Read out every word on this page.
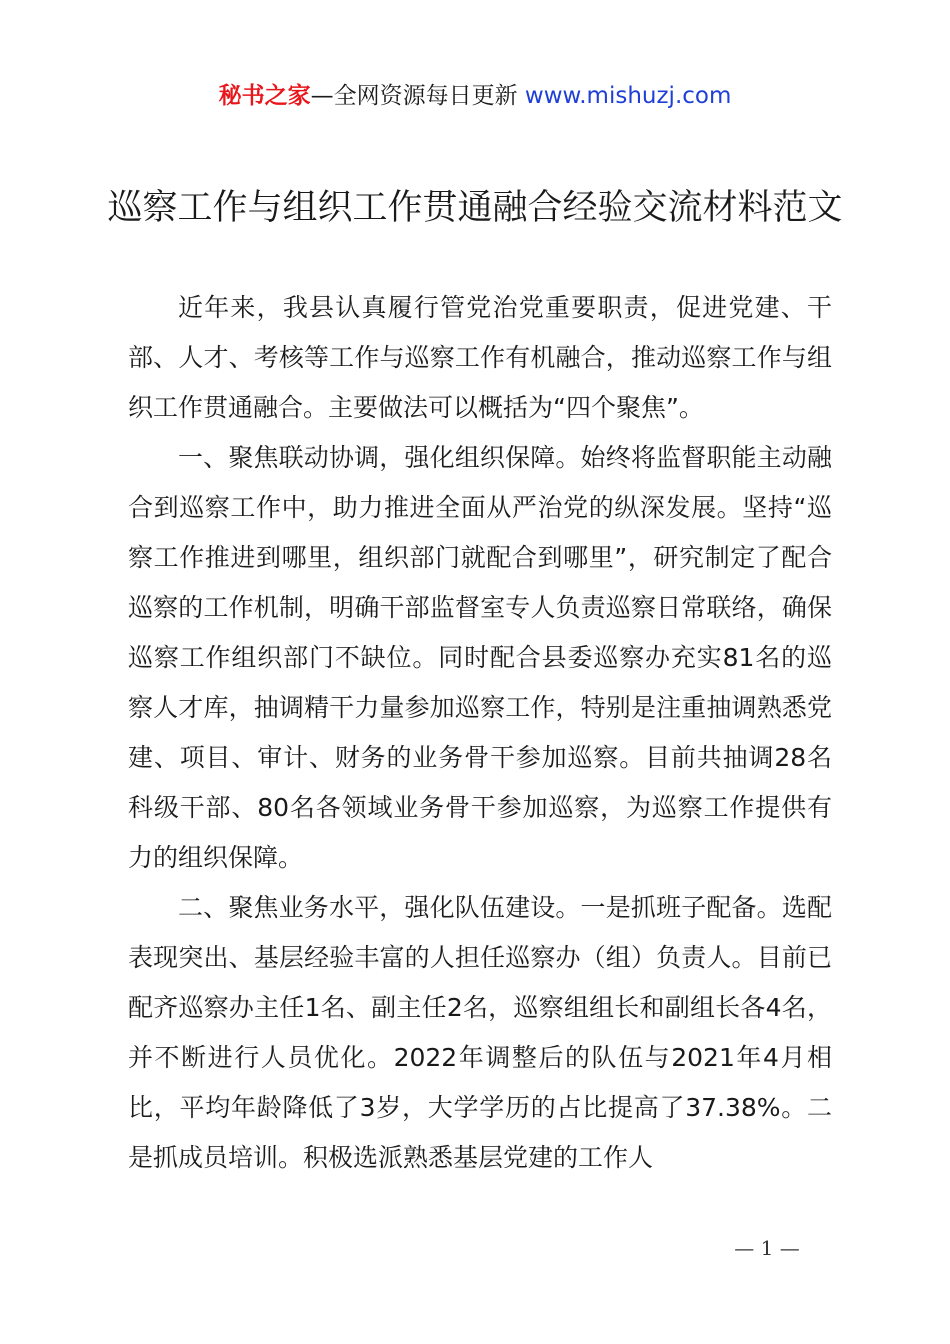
秘书之家—全网资源每日更新 www.mishuzj.com
巡察工作与组织工作贯通融合经验交流材料范文

近年来，我县认真履行管党治党重要职责，促进党建、干部、人才、考核等工作与巡察工作有机融合，推动巡察工作与组织工作贯通融合。主要做法可以概括为“四个聚焦”。

一、聚焦联动协调，强化组织保障。始终将监督职能主动融合到巡察工作中，助力推进全面从严治党的纵深发展。坚持“巡察工作推进到哪里，组织部门就配合到哪里”，研究制定了配合巡察的工作机制，明确干部监督室专人负责巡察日常联络，确保巡察工作组织部门不缺位。同时配合县委巡察办充实81名的巡察人才库，抽调精干力量参加巡察工作，特别是注重抽调熟悉党建、项目、审计、财务的业务骨干参加巡察。目前共抽调28名科级干部、80名各领域业务骨干参加巡察，为巡察工作提供有力的组织保障。

二、聚焦业务水平，强化队伍建设。一是抓班子配备。选配表现突出、基层经验丰富的人担任巡察办（组）负责人。目前已配齐巡察办主任1名、副主任2名，巡察组组长和副组长各4名，并不断进行人员优化。2022年调整后的队伍与2021年4月相比，平均年龄降低了3岁，大学学历的占比提高了37.38%。二是抓成员培训。积极选派熟悉基层党建的工作人

— 1 —
